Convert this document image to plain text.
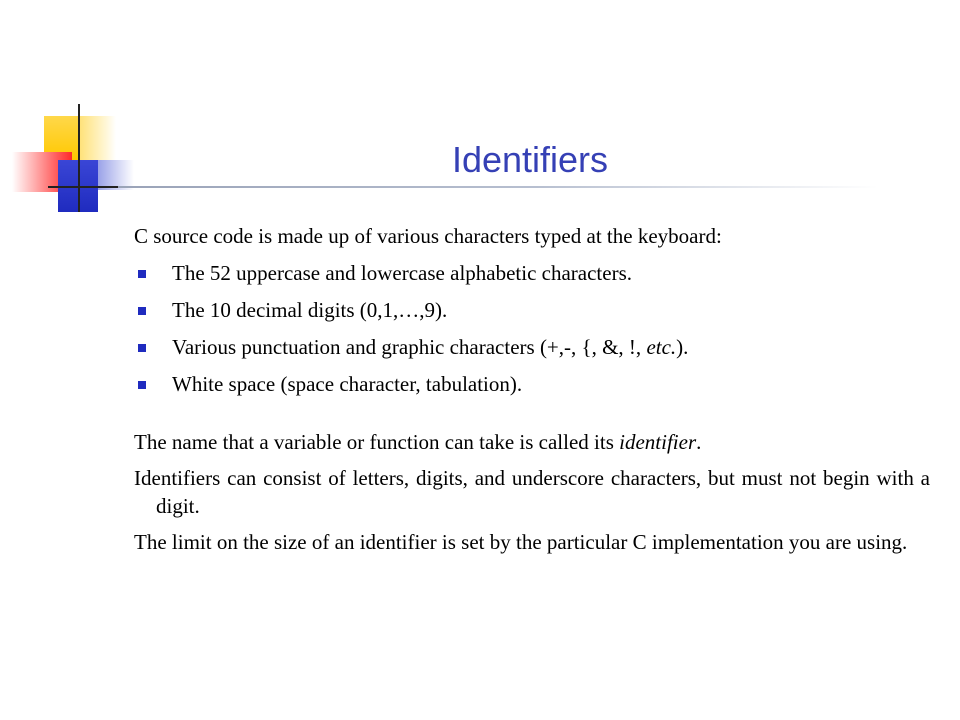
Identifiers

C source code is made up of various characters typed at the keyboard:

The 52 uppercase and lowercase alphabetic characters.
The 10 decimal digits (0,1,…,9).
Various punctuation and graphic characters (+,-, {, &, !, etc.).
White space (space character, tabulation).

The name that a variable or function can take is called its identifier.

Identifiers can consist of letters, digits, and underscore characters, but must not begin with a digit.

The limit on the size of an identifier is set by the particular C implementation you are using.
